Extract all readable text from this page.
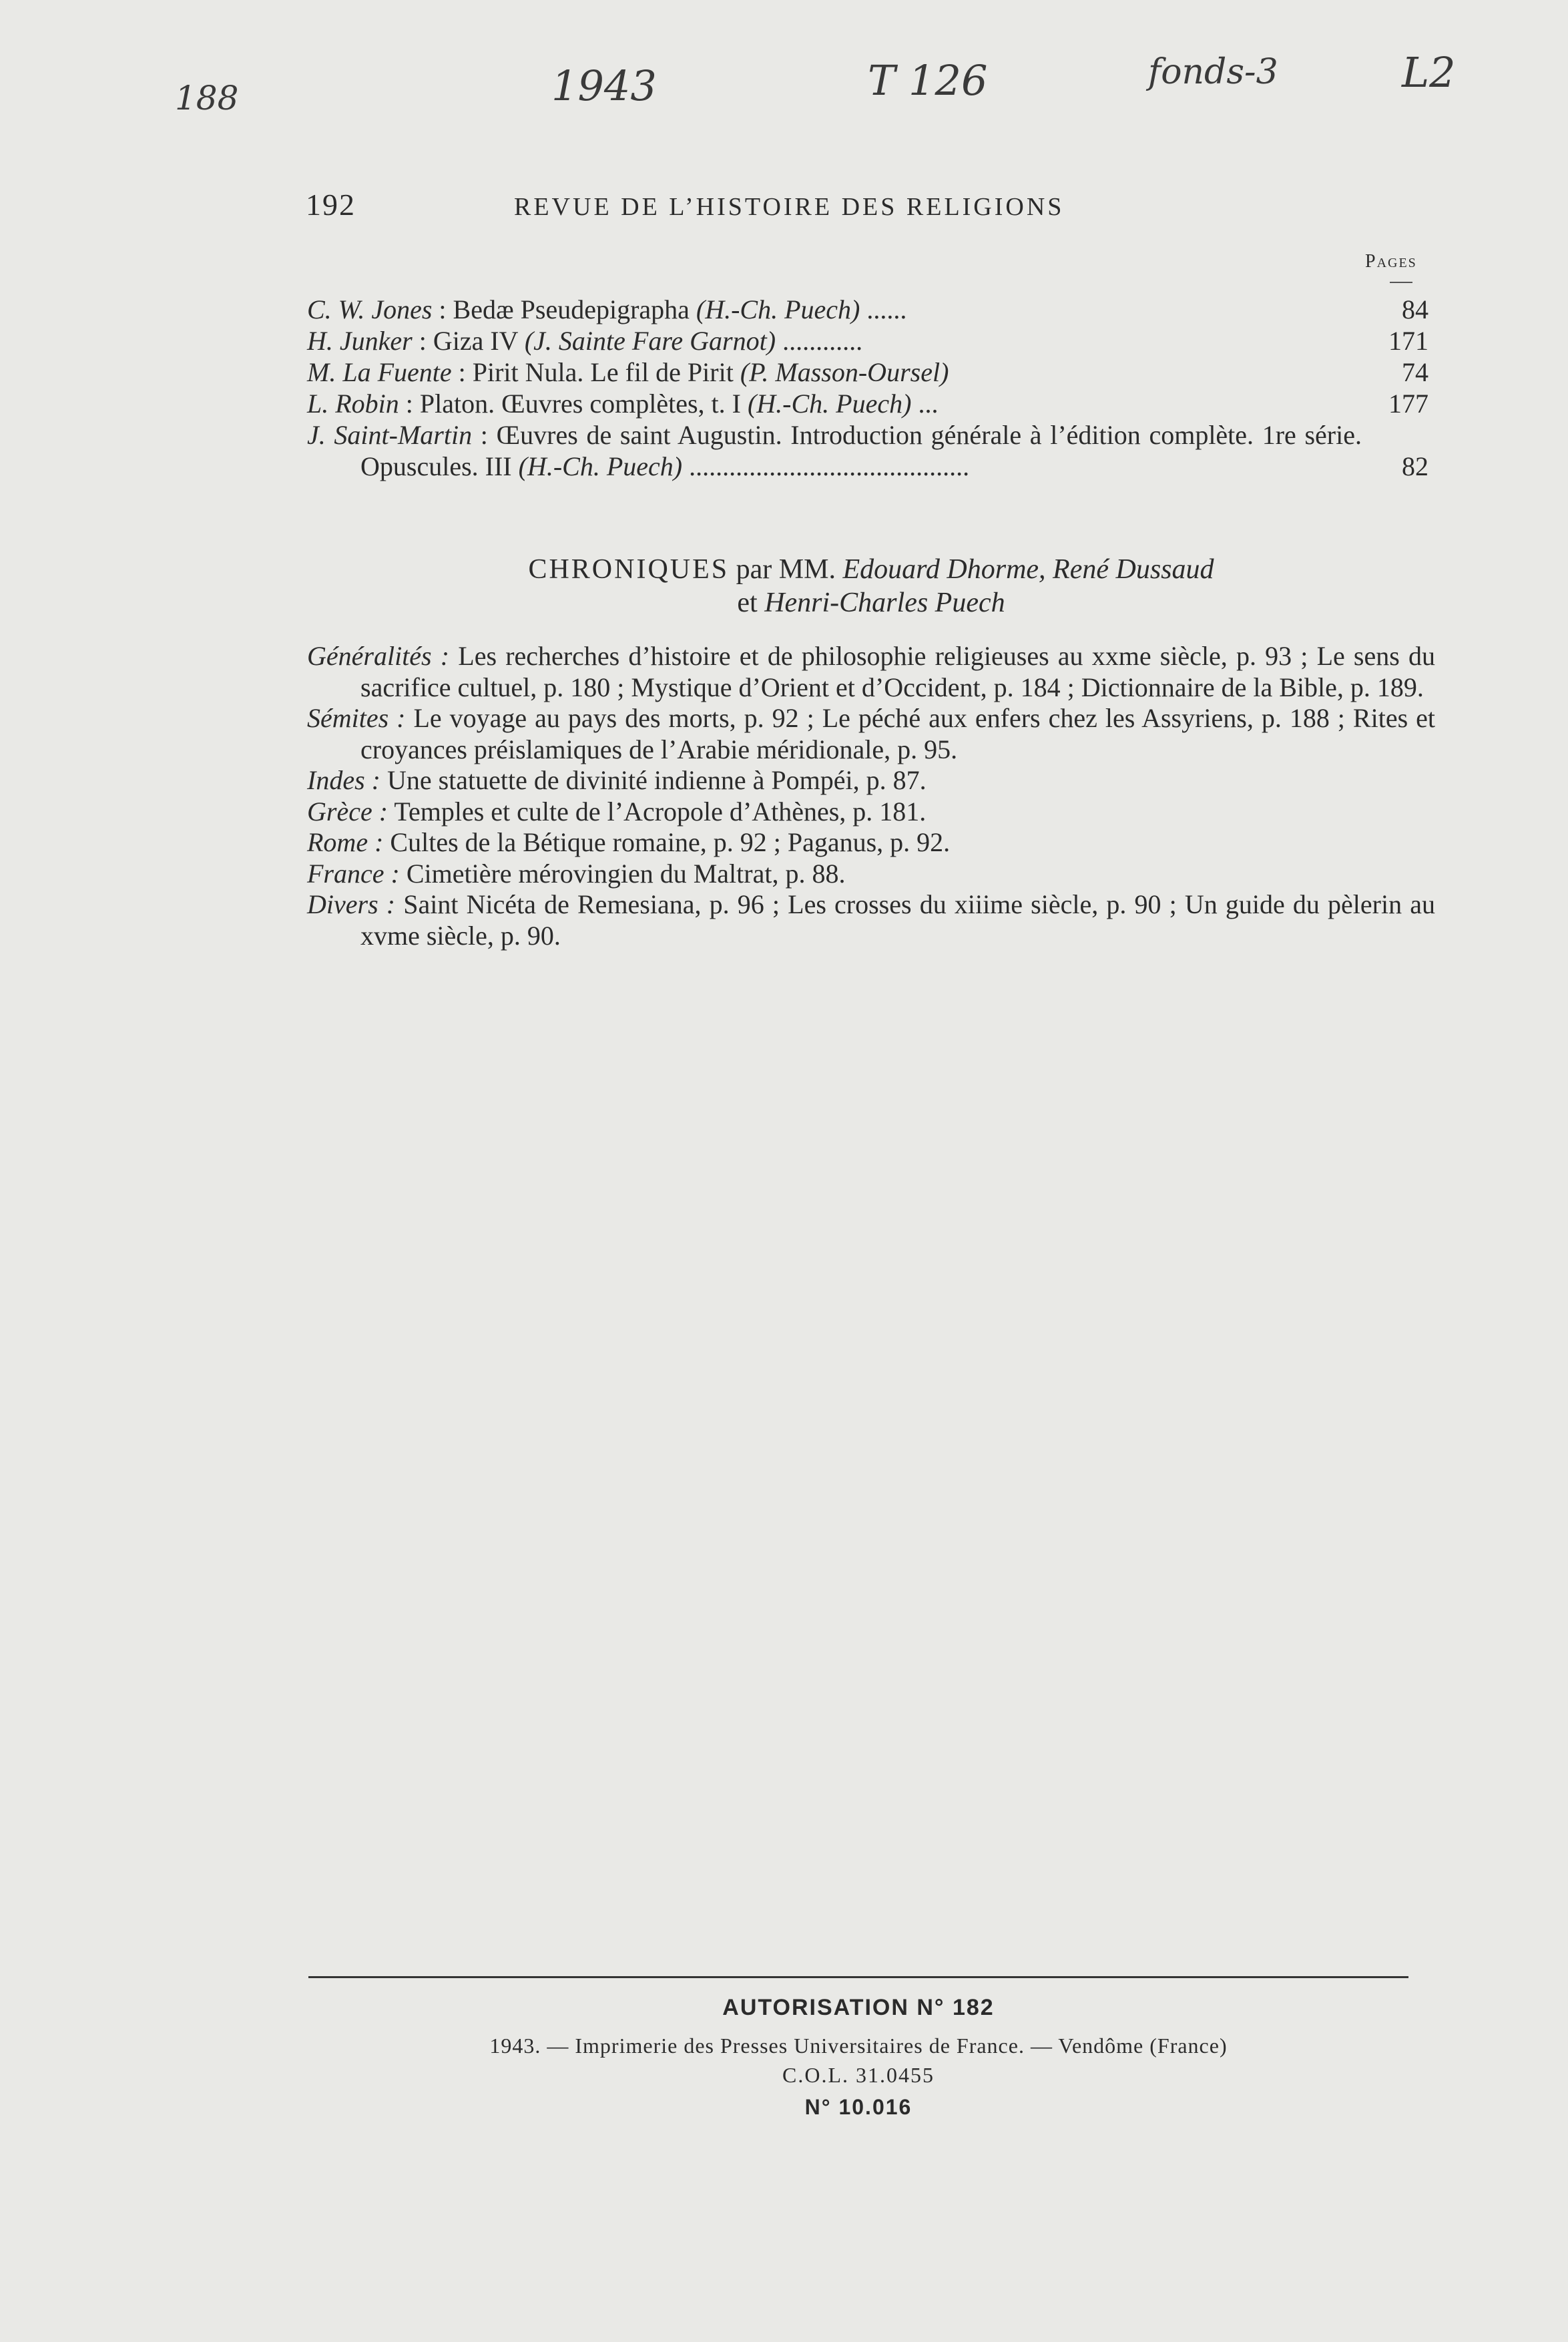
188	1943	T 126	fonds-3	L2
192	REVUE DE L’HISTOIRE DES RELIGIONS
Pages
C. W. Jones : Bedæ Pseudepigrapha (H.-Ch. Puech) ......	84
H. Junker : Giza IV (J. Sainte Fare Garnot) ............	171
M. La Fuente : Pirit Nula. Le fil de Pirit (P. Masson-Oursel)	74
L. Robin : Platon. Œuvres complètes, t. I (H.-Ch. Puech) ...	177
J. Saint-Martin : Œuvres de saint Augustin. Introduction générale à l’édition complète. 1re série. Opuscules. III (H.-Ch. Puech) ..........................................	82
CHRONIQUES par MM. Edouard Dhorme, René Dussaud
et Henri-Charles Puech
Généralités : Les recherches d’histoire et de philosophie religieuses au xxme siècle, p. 93 ; Le sens du sacrifice cultuel, p. 180 ; Mystique d’Orient et d’Occident, p. 184 ; Dictionnaire de la Bible, p. 189.
Sémites : Le voyage au pays des morts, p. 92 ; Le péché aux enfers chez les Assyriens, p. 188 ; Rites et croyances préislamiques de l’Arabie méridionale, p. 95.
Indes : Une statuette de divinité indienne à Pompéi, p. 87.
Grèce : Temples et culte de l’Acropole d’Athènes, p. 181.
Rome : Cultes de la Bétique romaine, p. 92 ; Paganus, p. 92.
France : Cimetière mérovingien du Maltrat, p. 88.
Divers : Saint Nicéta de Remesiana, p. 96 ; Les crosses du xiiime siècle, p. 90 ; Un guide du pèlerin au xvme siècle, p. 90.
AUTORISATION N° 182
1943. — Imprimerie des Presses Universitaires de France. — Vendôme (France)
C.O.L. 31.0455
N° 10.016
